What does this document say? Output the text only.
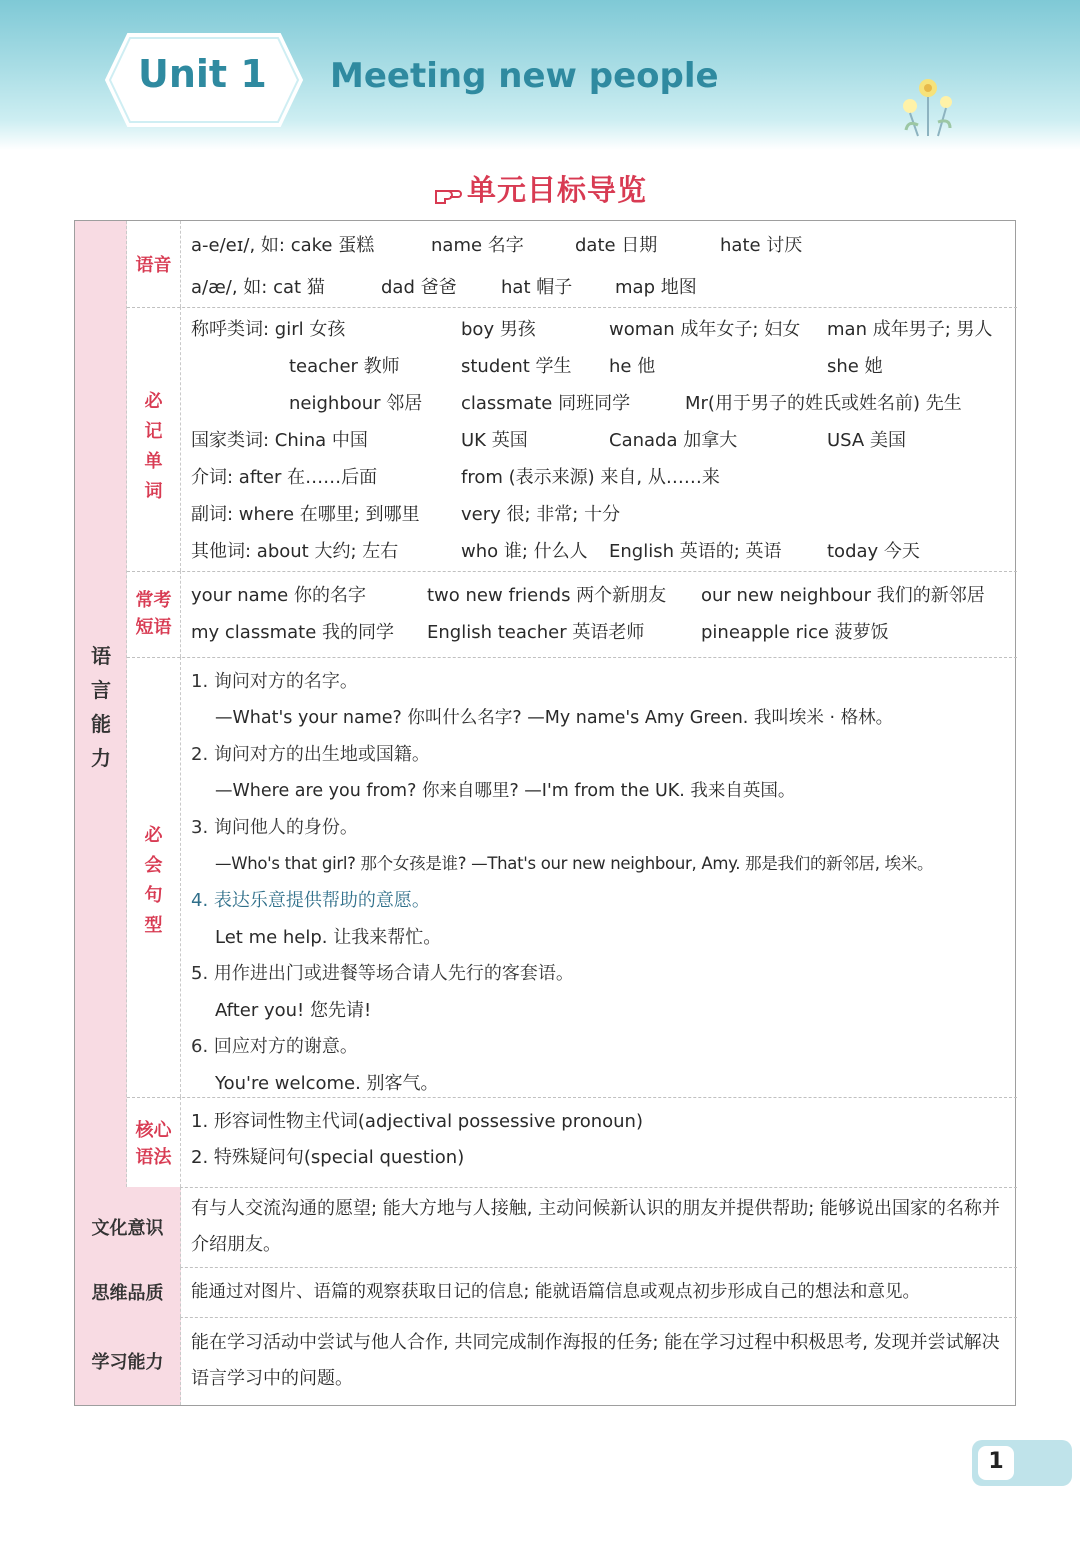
Unit 1 Meeting new people
单元目标导览
语言能力
语音
a-e/eɪ/, 如: cake 蛋糕	name 名字	date 日期	hate 讨厌
a/æ/, 如: cat 猫	dad 爸爸 hat 帽子 map 地图
必记单词
称呼类词: girl 女孩	boy 男孩	woman 成年女子; 妇女 man 成年男子; 男人
teacher 教师	student 学生 he 他	she 她
neighbour 邻居 classmate 同班同学	Mr(用于男子的姓氏或姓名前) 先生
国家类词: China 中国	UK 英国	Canada 加拿大	USA 美国
介词: after 在……后面	from (表示来源) 来自, 从……来
副词: where 在哪里; 到哪里 very 很; 非常; 十分
其他词: about 大约; 左右	who 谁; 什么人 English 英语的; 英语	today 今天
常考短语
your name 你的名字	two new friends 两个新朋友 our new neighbour 我们的新邻居
my classmate 我的同学 English teacher 英语老师	pineapple rice 菠萝饭
必会句型
1. 询问对方的名字。
—What's your name? 你叫什么名字? —My name's Amy Green. 我叫埃米 · 格林。
2. 询问对方的出生地或国籍。
—Where are you from? 你来自哪里? —I'm from the UK. 我来自英国。
3. 询问他人的身份。
—Who's that girl? 那个女孩是谁? —That's our new neighbour, Amy. 那是我们的新邻居, 埃米。
4. 表达乐意提供帮助的意愿。
Let me help. 让我来帮忙。
5. 用作进出门或进餐等场合请人先行的客套语。
After you! 您先请!
6. 回应对方的谢意。
You're welcome. 别客气。
核心语法
1. 形容词性物主代词(adjectival possessive pronoun)
2. 特殊疑问句(special question)
文化意识
有与人交流沟通的愿望; 能大方地与人接触, 主动问候新认识的朋友并提供帮助; 能够说出国家的名称并介绍朋友。
思维品质	能通过对图片、语篇的观察获取日记的信息; 能就语篇信息或观点初步形成自己的想法和意见。
学习能力
能在学习活动中尝试与他人合作, 共同完成制作海报的任务; 能在学习过程中积极思考, 发现并尝试解决语言学习中的问题。
1
